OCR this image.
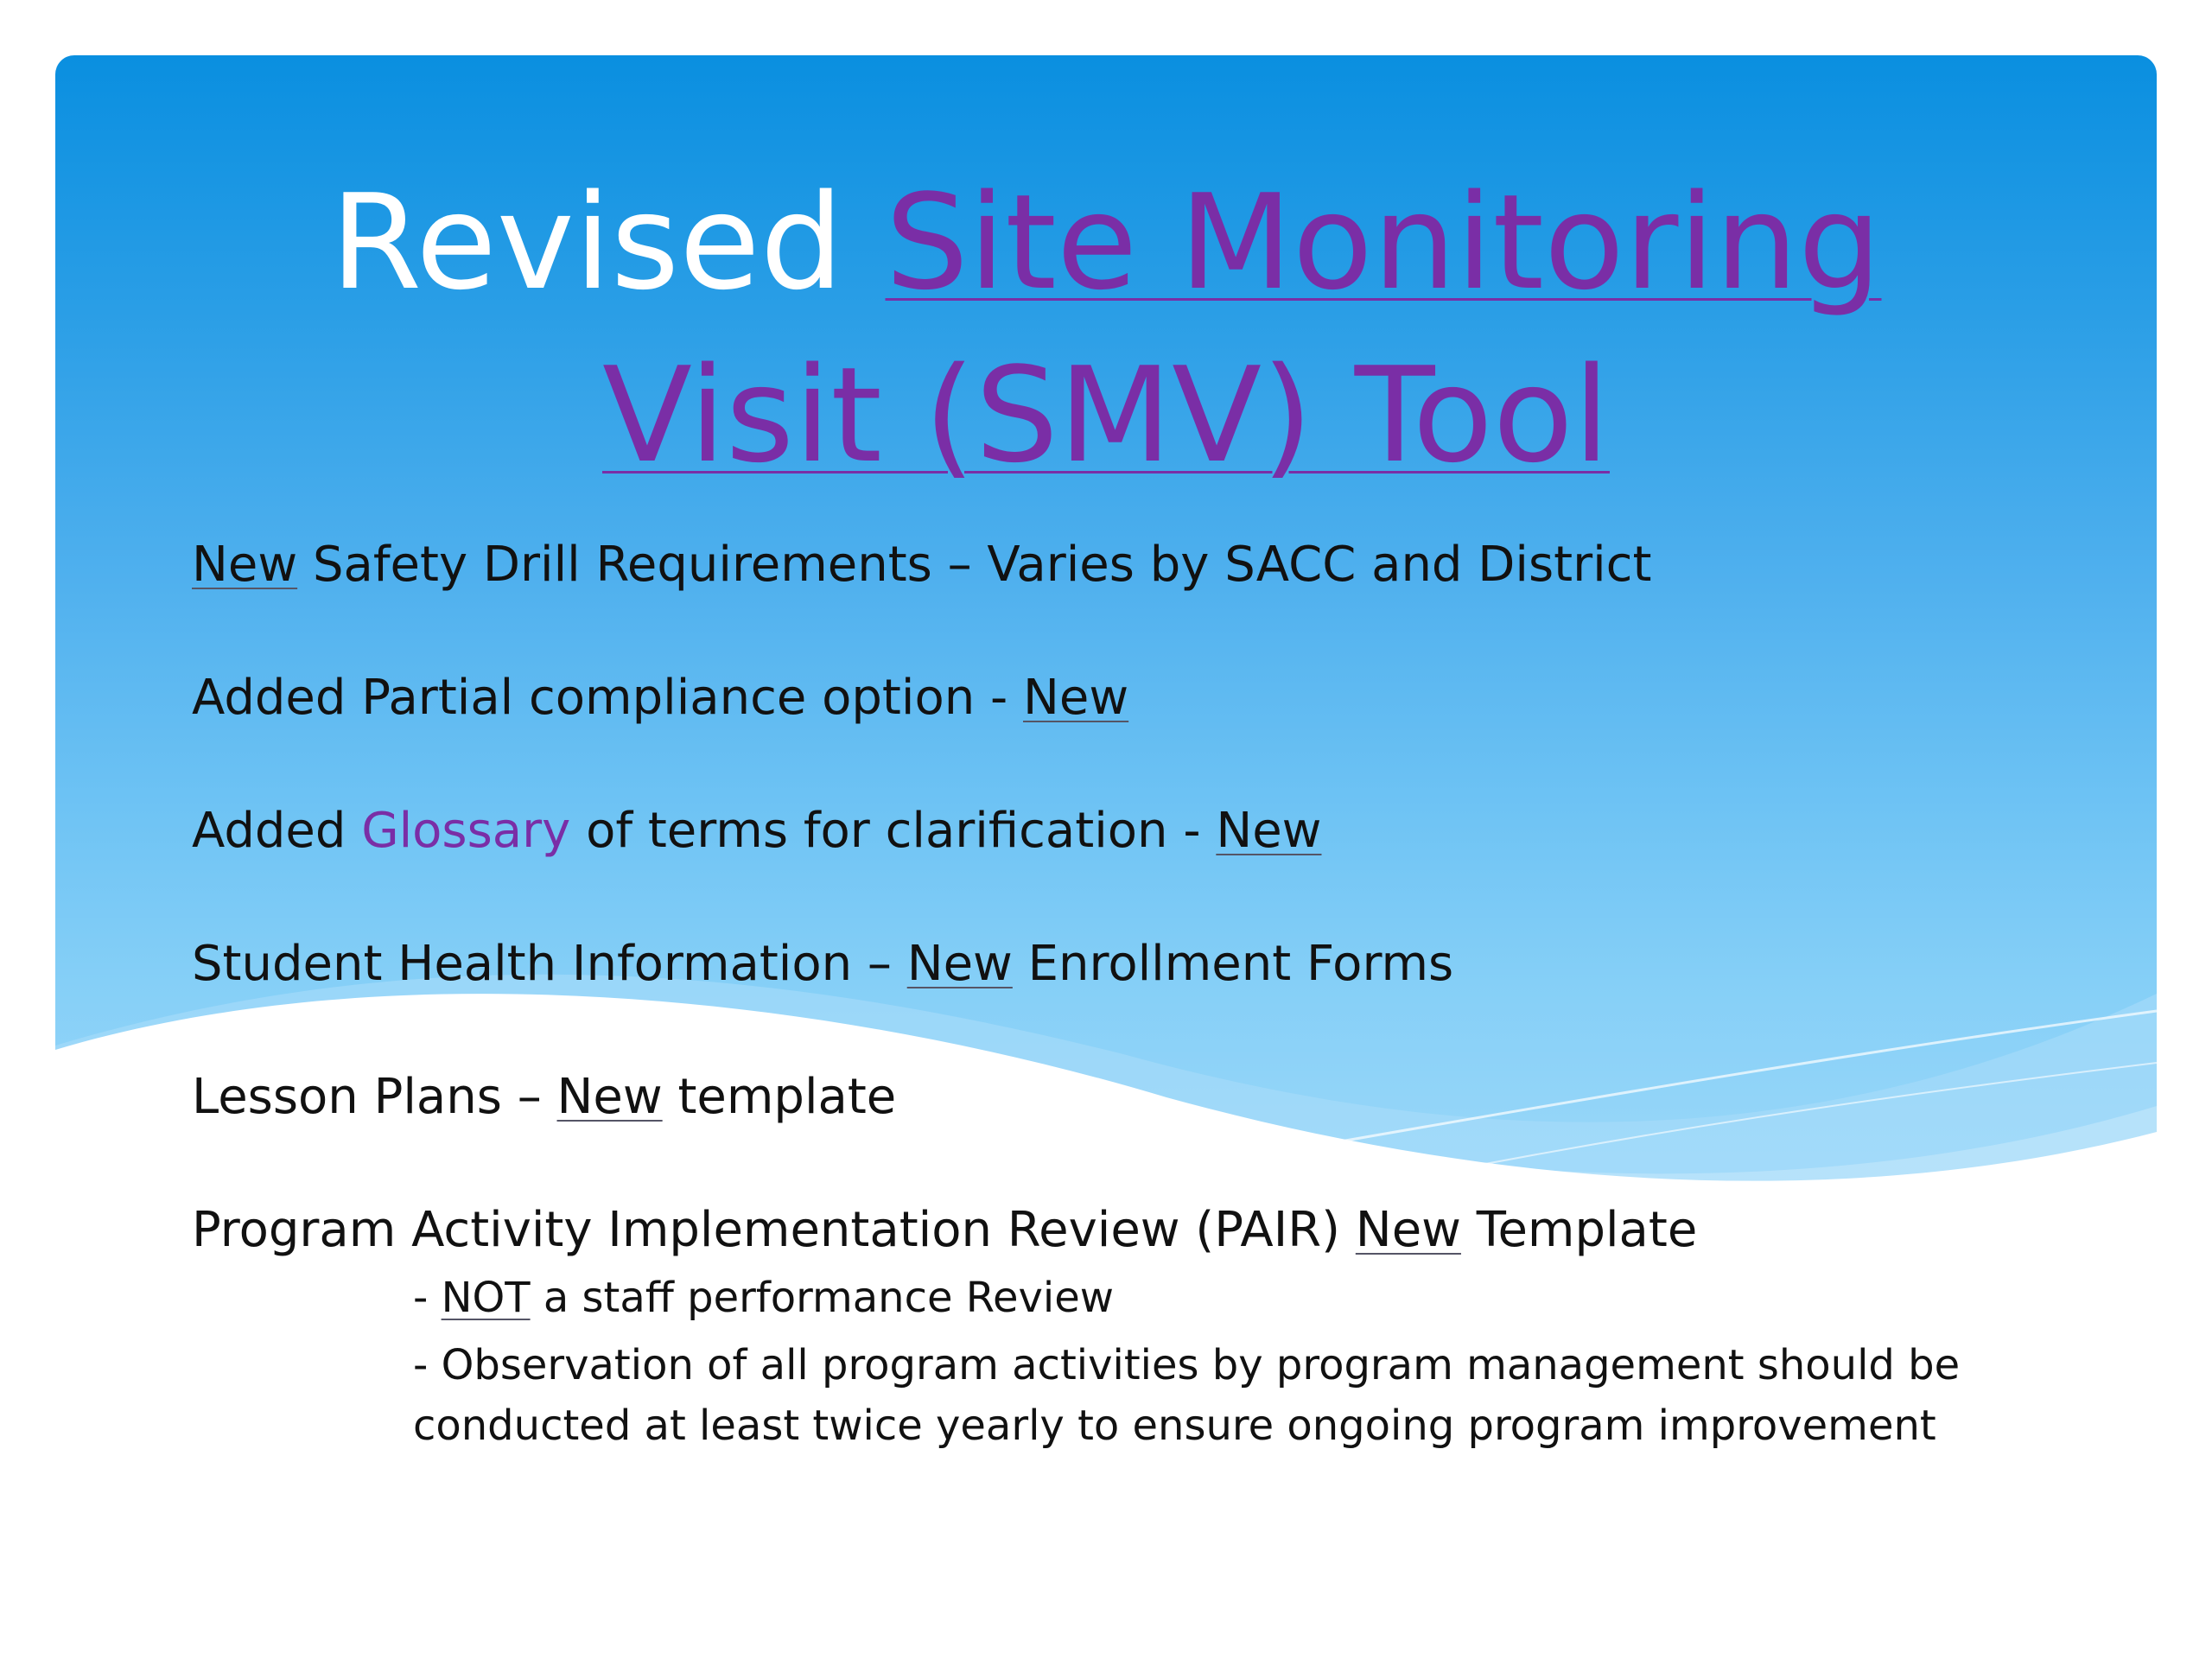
Revised Site Monitoring
Visit (SMV) Tool

New Safety Drill Requirements – Varies by SACC and District

Added Partial compliance option - New

Added Glossary of terms for clarification - New

Student Health Information – New Enrollment Forms

Lesson Plans – New template

Program Activity Implementation Review (PAIR) New Template

- NOT a staff performance Review

- Observation of all program activities by program management should be

conducted at least twice yearly to ensure ongoing program improvement
